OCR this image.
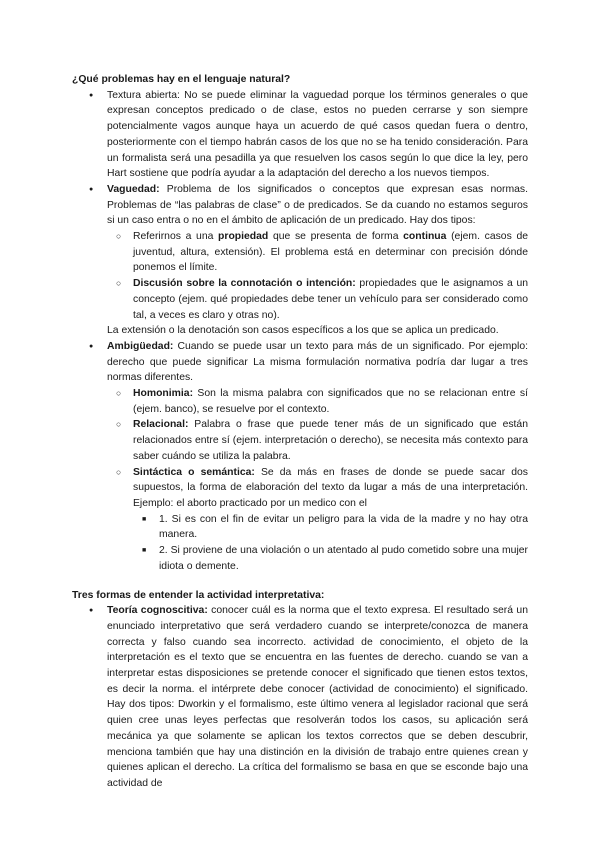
¿Qué problemas hay en el lenguaje natural?
● Textura abierta: No se puede eliminar la vaguedad porque los términos generales o que expresan conceptos predicado o de clase, estos no pueden cerrarse y son siempre potencialmente vagos aunque haya un acuerdo de qué casos quedan fuera o dentro, posteriormente con el tiempo habrán casos de los que no se ha tenido consideración. Para un formalista será una pesadilla ya que resuelven los casos según lo que dice la ley, pero Hart sostiene que podría ayudar a la adaptación del derecho a los nuevos tiempos.
● Vaguedad: Problema de los significados o conceptos que expresan esas normas. Problemas de “las palabras de clase” o de predicados. Se da cuando no estamos seguros si un caso entra o no en el ámbito de aplicación de un predicado. Hay dos tipos:
○ Referirnos a una propiedad que se presenta de forma continua (ejem. casos de juventud, altura, extensión). El problema está en determinar con precisión dónde ponemos el límite.
○ Discusión sobre la connotación o intención: propiedades que le asignamos a un concepto (ejem. qué propiedades debe tener un vehículo para ser considerado como tal, a veces es claro y otras no).

La extensión o la denotación son casos específicos a los que se aplica un predicado.

● Ambigüedad: Cuando se puede usar un texto para más de un significado. Por ejemplo: derecho que puede significar La misma formulación normativa podría dar lugar a tres normas diferentes.
○ Homonimia: Son la misma palabra con significados que no se relacionan entre sí (ejem. banco), se resuelve por el contexto.
○ Relacional: Palabra o frase que puede tener más de un significado que están relacionados entre sí (ejem. interpretación o derecho), se necesita más contexto para saber cuándo se utiliza la palabra.
○ Sintáctica o semántica: Se da más en frases de donde se puede sacar dos supuestos, la forma de elaboración del texto da lugar a más de una interpretación. Ejemplo: el aborto practicado por un medico con el
■ 1. Si es con el fin de evitar un peligro para la vida de la madre y no hay otra manera.
■ 2. Si proviene de una violación o un atentado al pudo cometido sobre una mujer idiota o demente.
Tres formas de entender la actividad interpretativa:
● Teoría cognoscitiva: conocer cuál es la norma que el texto expresa. El resultado será un enunciado interpretativo que será verdadero cuando se interprete/conozca de manera correcta y falso cuando sea incorrecto. actividad de conocimiento, el objeto de la interpretación es el texto que se encuentra en las fuentes de derecho. cuando se van a interpretar estas disposiciones se pretende conocer el significado que tienen estos textos, es decir la norma. el intérprete debe conocer (actividad de conocimiento) el significado. Hay dos tipos: Dworkin y el formalismo, este último venera al legislador racional que será quien cree unas leyes perfectas que resolverán todos los casos, su aplicación será mecánica ya que solamente se aplican los textos correctos que se deben descubrir, menciona también que hay una distinción en la división de trabajo entre quienes crean y quienes aplican el derecho. La crítica del formalismo se basa en que se esconde bajo una actividad de
